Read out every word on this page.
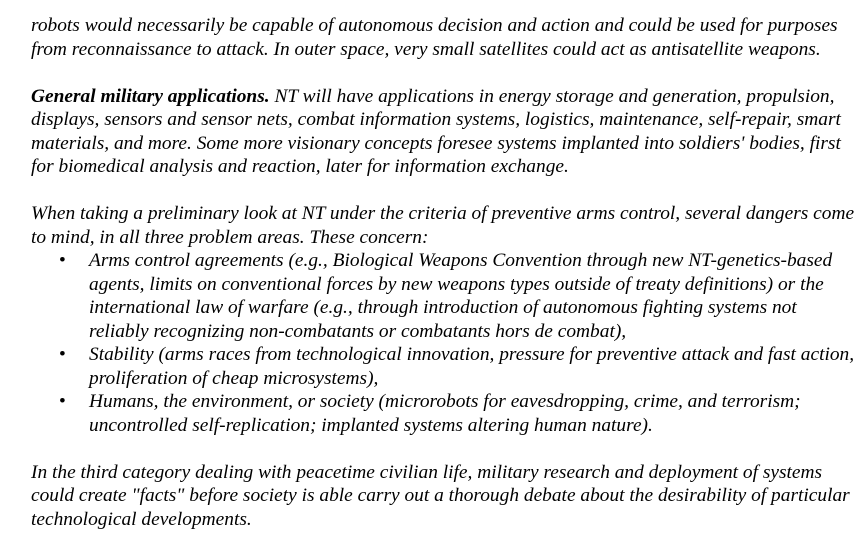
robots would necessarily be capable of autonomous decision and action and could be used for purposes from reconnaissance to attack. In outer space, very small satellites could act as antisatellite weapons.

General military applications. NT will have applications in energy storage and generation, propulsion, displays, sensors and sensor nets, combat information systems, logistics, maintenance, self-repair, smart materials, and more. Some more visionary concepts foresee systems implanted into soldiers' bodies, first for biomedical analysis and reaction, later for information exchange.

When taking a preliminary look at NT under the criteria of preventive arms control, several dangers come to mind, in all three problem areas. These concern:

• Arms control agreements (e.g., Biological Weapons Convention through new NT-genetics-based agents, limits on conventional forces by new weapons types outside of treaty definitions) or the international law of warfare (e.g., through introduction of autonomous fighting systems not reliably recognizing non-combatants or combatants hors de combat),
• Stability (arms races from technological innovation, pressure for preventive attack and fast action, proliferation of cheap microsystems),
• Humans, the environment, or society (microrobots for eavesdropping, crime, and terrorism; uncontrolled self-replication; implanted systems altering human nature).

In the third category dealing with peacetime civilian life, military research and deployment of systems could create "facts" before society is able carry out a thorough debate about the desirability of particular technological developments.
